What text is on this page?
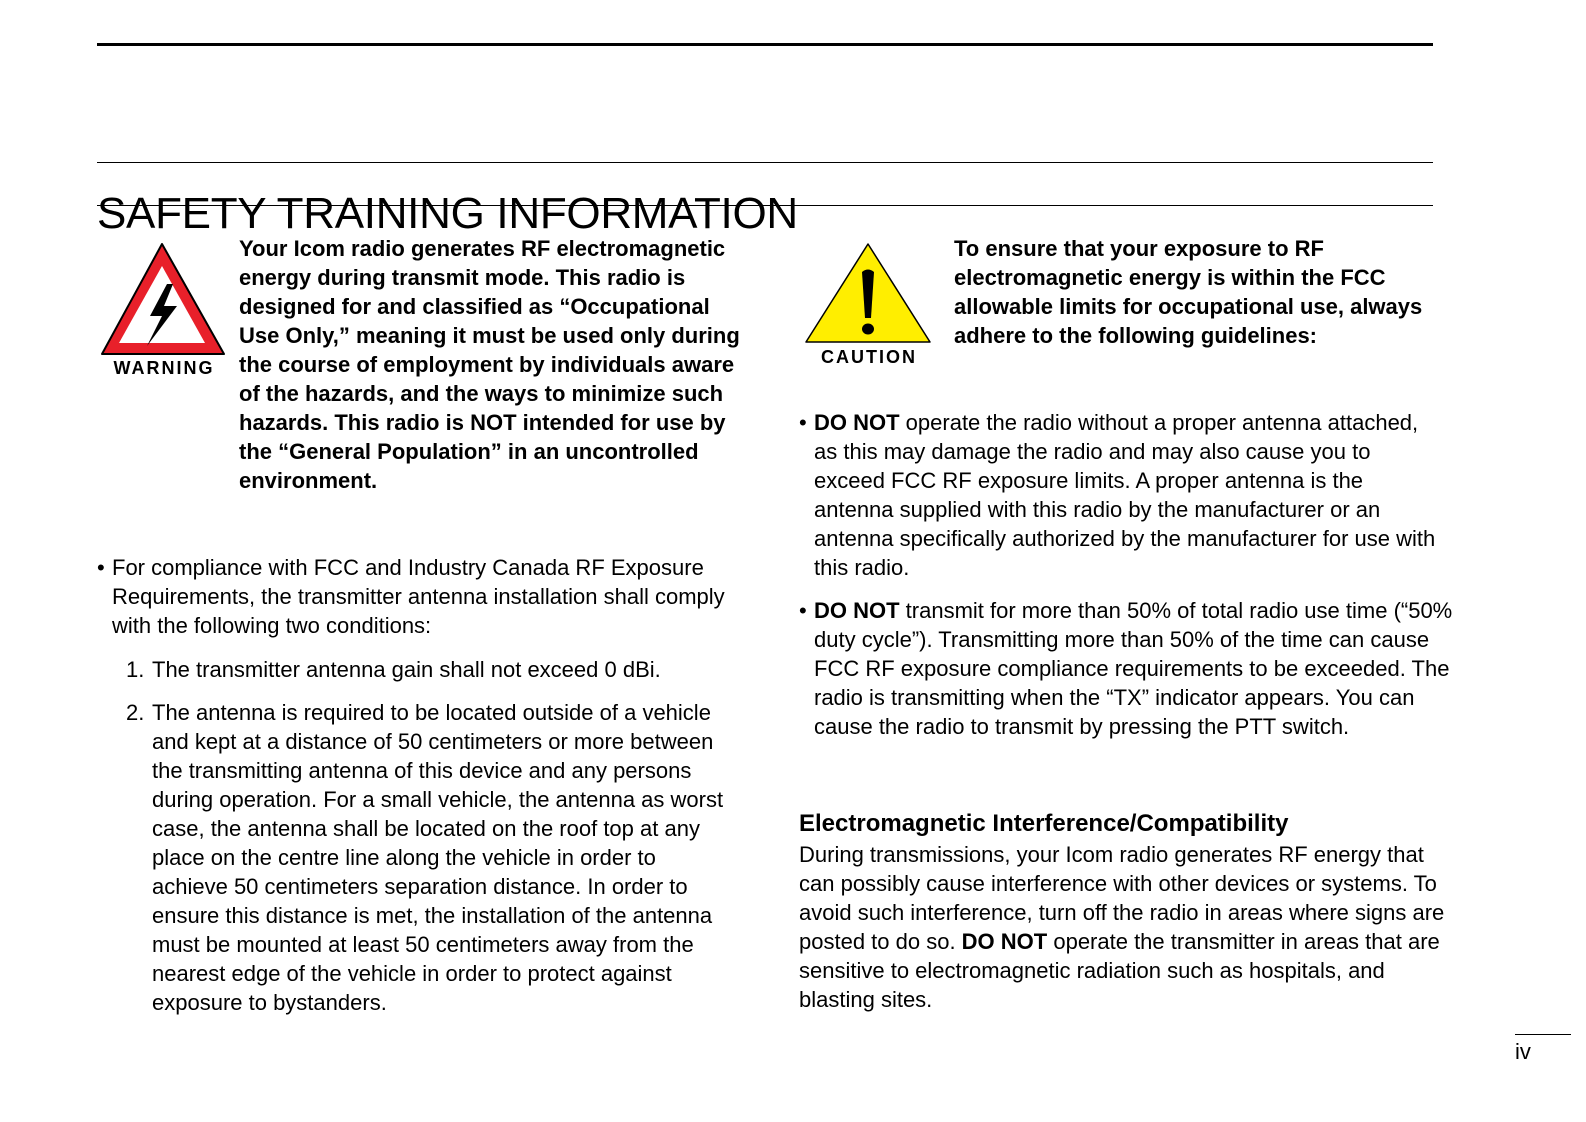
SAFETY TRAINING INFORMATION
WARNING

Your Icom radio generates RF electromagnetic energy during transmit mode. This radio is designed for and classified as “Occupational Use Only,” meaning it must be used only during the course of employment by individuals aware of the hazards, and the ways to minimize such hazards. This radio is NOT intended for use by the “General Population” in an uncontrolled environment.

• For compliance with FCC and Industry Canada RF Exposure Requirements, the transmitter antenna installation shall comply with the following two conditions:

1. The transmitter antenna gain shall not exceed 0 dBi.

2. The antenna is required to be located outside of a vehicle and kept at a distance of 50 centimeters or more between the transmitting antenna of this device and any persons during operation. For a small vehicle, the antenna as worst case, the antenna shall be located on the roof top at any place on the centre line along the vehicle in order to achieve 50 centimeters separation distance. In order to ensure this distance is met, the installation of the antenna must be mounted at least 50 centimeters away from the nearest edge of the vehicle in order to protect against exposure to bystanders.

CAUTION

To ensure that your exposure to RF electromagnetic energy is within the FCC allowable limits for occupational use, always adhere to the following guidelines:

• DO NOT operate the radio without a proper antenna attached, as this may damage the radio and may also cause you to exceed FCC RF exposure limits. A proper antenna is the antenna supplied with this radio by the manufacturer or an antenna specifically authorized by the manufacturer for use with this radio.

• DO NOT transmit for more than 50% of total radio use time (“50% duty cycle”). Transmitting more than 50% of the time can cause FCC RF exposure compliance requirements to be exceeded. The radio is transmitting when the “TX” indicator appears. You can cause the radio to transmit by pressing the PTT switch.

Electromagnetic Interference/Compatibility

During transmissions, your Icom radio generates RF energy that can possibly cause interference with other devices or systems. To avoid such interference, turn off the radio in areas where signs are posted to do so. DO NOT operate the transmitter in areas that are sensitive to electromagnetic radiation such as hospitals, and blasting sites.

iv
